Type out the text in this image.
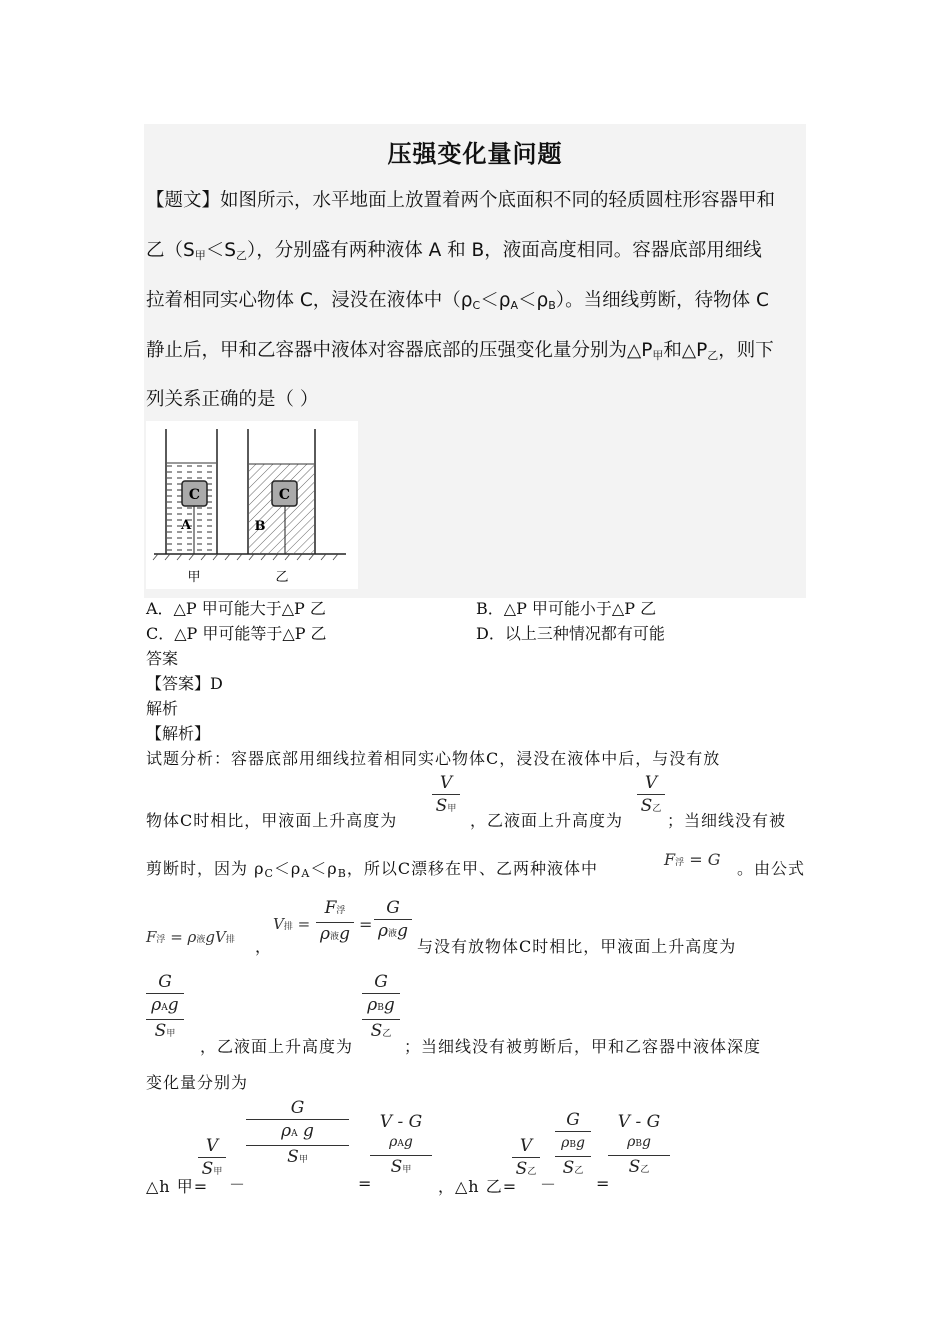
压强变化量问题
【题文】如图所示，水平地面上放置着两个底面积不同的轻质圆柱形容器甲和
乙$(S_甲<S_乙)$，分别盛有两种液体 A 和 B，液面高度相同。容器底部用细线
拉着相同实心物体 C，浸没在液体中$(\rho_C<\rho_A<\rho_B)$。当细线剪断，待物体 C
静止后，甲和乙容器中液体对容器底部的压强变化量分别为$\triangle P_甲$和$\triangle P_乙$，则下
列关系正确的是（ ）
C
A
C
B
甲	乙
A．△P 甲可能大于△P 乙	B．△P 甲可能小于△P 乙
C．△P 甲可能等于△P 乙	D．以上三种情况都有可能
答案
【答案】D
解析
【解析】
试题分析：容器底部用细线拉着相同实心物体C，浸没在液体中后，与没有放
物体C时相比，甲液面上升高度为
V
S甲
，乙液面上升高度为
V
S乙
；当细线没有被
剪断时，因为 $\rho_C<\rho_A<\rho_B$，所以C漂移在甲、乙两种液体中	F浮 = G 。由公式
F浮 = ρ液gV排 ，
V排 =
F浮
ρ液g =
G
ρ液g
与没有放物体C时相比，甲液面上升高度为
G
ρAg
S甲
，乙液面上升高度为
G
ρBg
S乙
；当细线没有被剪断后，甲和乙容器中液体深度
变化量分别为
△h 甲=
V
S甲
－
G
ρA g
S甲
=
V - G
ρAg
S甲
，△h 乙=
V
S乙
－
G
ρBg
S乙
=
V - G
ρBg
S乙
